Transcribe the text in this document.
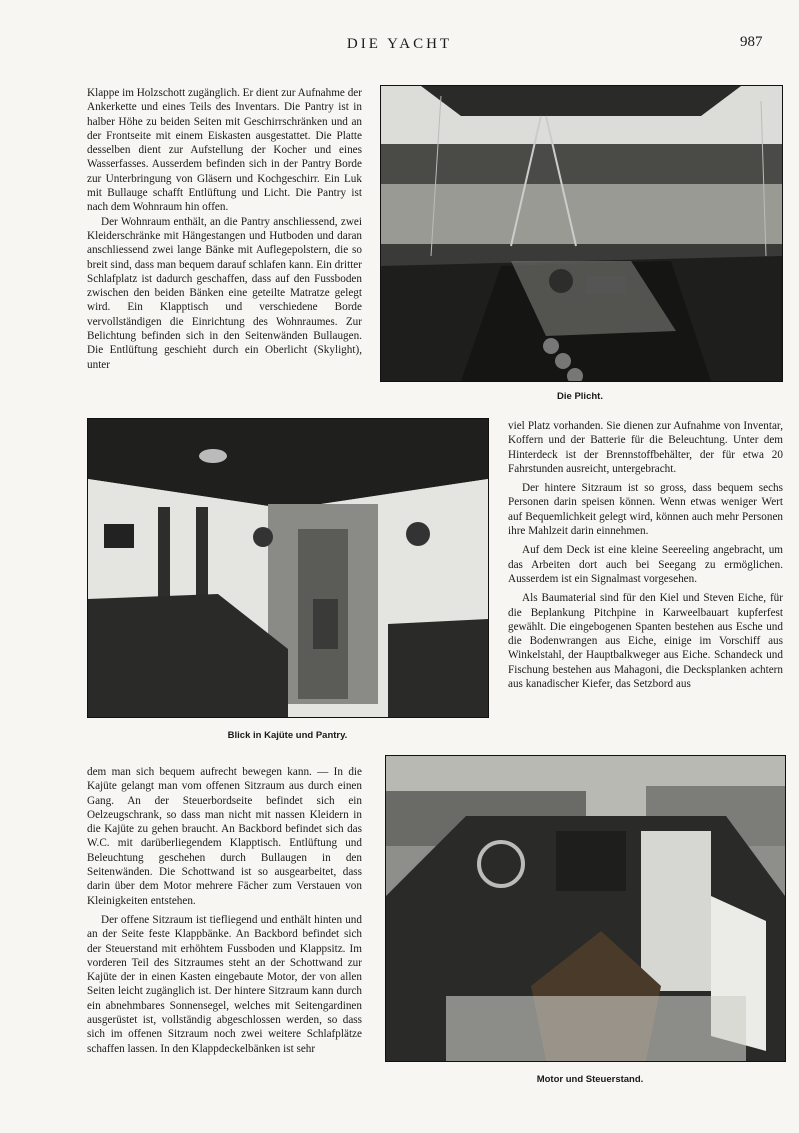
DIE YACHT	987

Klappe im Holzschott zugänglich. Er dient zur Aufnahme der Ankerkette und eines Teils des Inventars. Die Pantry ist in halber Höhe zu beiden Seiten mit Geschirrschränken und an der Frontseite mit einem Eiskasten ausgestattet. Die Platte desselben dient zur Aufstellung der Kocher und eines Wasserfasses. Ausserdem befinden sich in der Pantry Borde zur Unterbringung von Gläsern und Kochgeschirr. Ein Luk mit Bullauge schafft Entlüftung und Licht. Die Pantry ist nach dem Wohnraum hin offen.

Der Wohnraum enthält, an die Pantry anschliessend, zwei Kleiderschränke mit Hängestangen und Hutboden und daran anschliessend zwei lange Bänke mit Auflegepolstern, die so breit sind, dass man bequem darauf schlafen kann. Ein dritter Schlafplatz ist dadurch geschaffen, dass auf den Fussboden zwischen den beiden Bänken eine geteilte Matratze gelegt wird. Ein Klapptisch und verschiedene Borde vervollständigen die Einrichtung des Wohnraumes. Zur Belichtung befinden sich in den Seitenwänden Bullaugen. Die Entlüftung geschieht durch ein Oberlicht (Skylight), unter

Die Plicht.
Blick in Kajüte und Pantry.

viel Platz vorhanden. Sie dienen zur Aufnahme von Inventar, Koffern und der Batterie für die Beleuchtung. Unter dem Hinterdeck ist der Brennstoffbehälter, der für etwa 20 Fahrstunden ausreicht, untergebracht.

Der hintere Sitzraum ist so gross, dass bequem sechs Personen darin speisen können. Wenn etwas weniger Wert auf Bequemlichkeit gelegt wird, können auch mehr Personen ihre Mahlzeit darin einnehmen.

Auf dem Deck ist eine kleine Seereeling angebracht, um das Arbeiten dort auch bei Seegang zu ermöglichen. Ausserdem ist ein Signalmast vorgesehen.

Als Baumaterial sind für den Kiel und Steven Eiche, für die Beplankung Pitchpine in Karweelbauart kupferfest gewählt. Die eingebogenen Spanten bestehen aus Esche und die Bodenwrangen aus Eiche, einige im Vorschiff aus Winkelstahl, der Hauptbalkweger aus Eiche. Schandeck und Fischung bestehen aus Mahagoni, die Decksplanken achtern aus kanadischer Kiefer, das Setzbord aus

dem man sich bequem aufrecht bewegen kann. — In die Kajüte gelangt man vom offenen Sitzraum aus durch einen Gang. An der Steuerbordseite befindet sich ein Oelzeugschrank, so dass man nicht mit nassen Kleidern in die Kajüte zu gehen braucht. An Backbord befindet sich das W.C. mit darüberliegendem Klapptisch. Entlüftung und Beleuchtung geschehen durch Bullaugen in den Seitenwänden. Die Schottwand ist so ausgearbeitet, dass darin über dem Motor mehrere Fächer zum Verstauen von Kleinigkeiten entstehen.

Der offene Sitzraum ist tiefliegend und enthält hinten und an der Seite feste Klappbänke. An Backbord befindet sich der Steuerstand mit erhöhtem Fussboden und Klappsitz. Im vorderen Teil des Sitzraumes steht an der Schottwand zur Kajüte der in einen Kasten eingebaute Motor, der von allen Seiten leicht zugänglich ist. Der hintere Sitzraum kann durch ein abnehmbares Sonnensegel, welches mit Seitengardinen ausgerüstet ist, vollständig abgeschlossen werden, so dass sich im offenen Sitzraum noch zwei weitere Schlafplätze schaffen lassen. In den Klappdeckelbänken ist sehr

Motor und Steuerstand.
